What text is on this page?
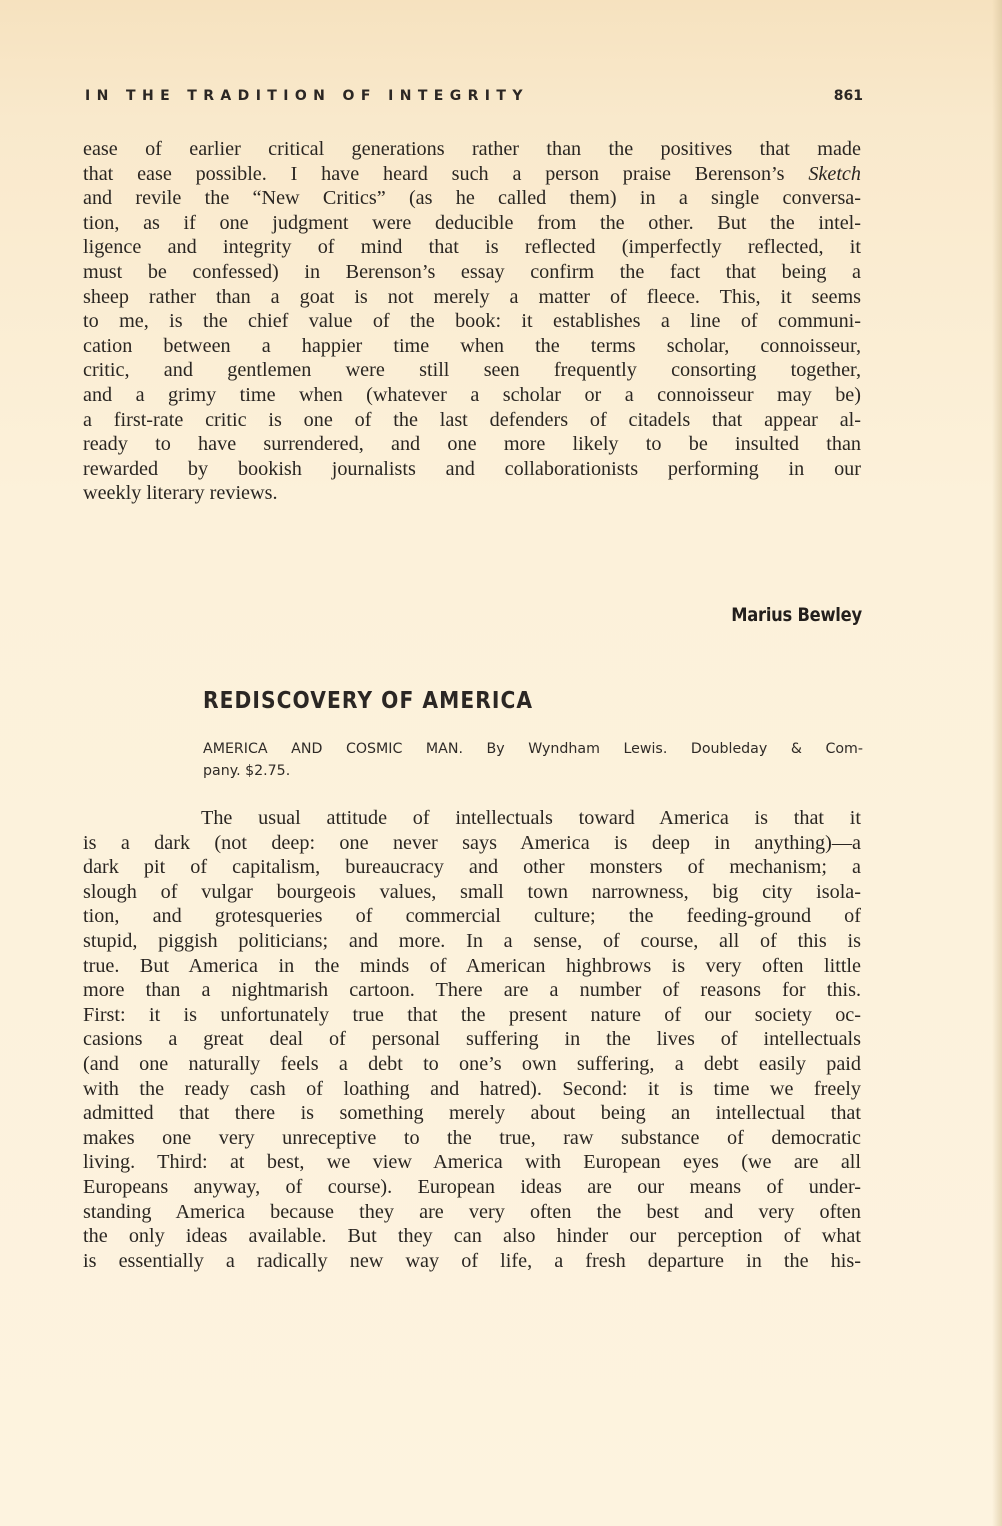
IN THE TRADITION OF INTEGRITY	861
ease of earlier critical generations rather than the positives that made
that ease possible. I have heard such a person praise Berenson’s Sketch
and revile the “New Critics” (as he called them) in a single conversa-
tion, as if one judgment were deducible from the other. But the intel-
ligence and integrity of mind that is reflected (imperfectly reflected, it
must be confessed) in Berenson’s essay confirm the fact that being a
sheep rather than a goat is not merely a matter of fleece. This, it seems
to me, is the chief value of the book: it establishes a line of communi-
cation between a happier time when the terms scholar, connoisseur,
critic, and gentlemen were still seen frequently consorting together,
and a grimy time when (whatever a scholar or a connoisseur may be)
a first-rate critic is one of the last defenders of citadels that appear al-
ready to have surrendered, and one more likely to be insulted than
rewarded by bookish journalists and collaborationists performing in our
weekly literary reviews.
Marius Bewley
REDISCOVERY OF AMERICA
AMERICA AND COSMIC MAN. By Wyndham Lewis. Doubleday & Com-
pany. $2.75.
The usual attitude of intellectuals toward America is that it
is a dark (not deep: one never says America is deep in anything)—a
dark pit of capitalism, bureaucracy and other monsters of mechanism; a
slough of vulgar bourgeois values, small town narrowness, big city isola-
tion, and grotesqueries of commercial culture; the feeding-ground of
stupid, piggish politicians; and more. In a sense, of course, all of this is
true. But America in the minds of American highbrows is very often little
more than a nightmarish cartoon. There are a number of reasons for this.
First: it is unfortunately true that the present nature of our society oc-
casions a great deal of personal suffering in the lives of intellectuals
(and one naturally feels a debt to one’s own suffering, a debt easily paid
with the ready cash of loathing and hatred). Second: it is time we freely
admitted that there is something merely about being an intellectual that
makes one very unreceptive to the true, raw substance of democratic
living. Third: at best, we view America with European eyes (we are all
Europeans anyway, of course). European ideas are our means of under-
standing America because they are very often the best and very often
the only ideas available. But they can also hinder our perception of what
is essentially a radically new way of life, a fresh departure in the his-
